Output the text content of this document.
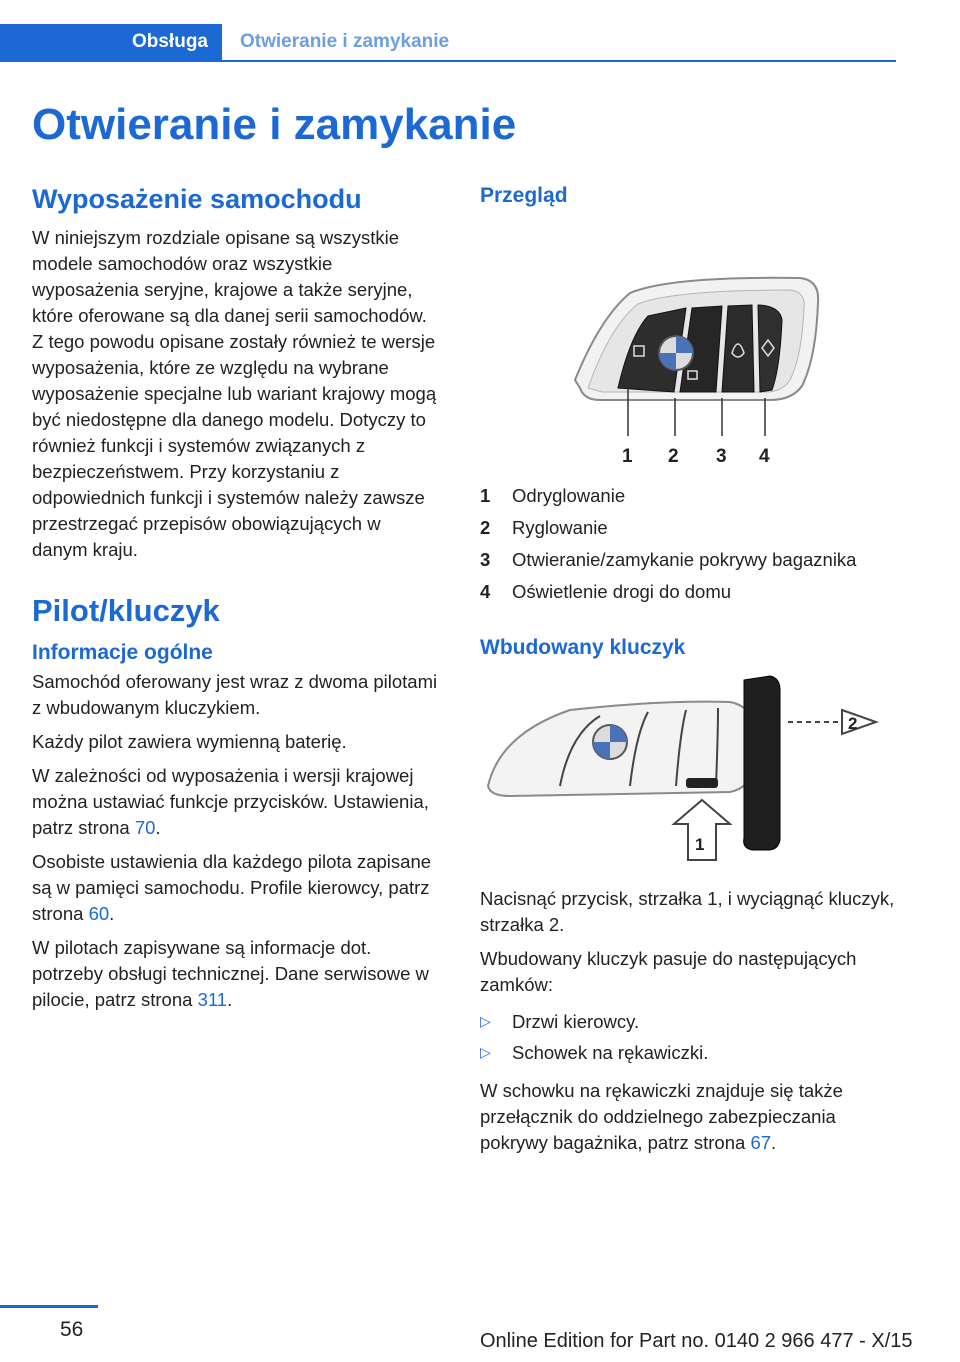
Obsługa	Otwieranie i zamykanie
Otwieranie i zamykanie
Wyposażenie samochodu

W niniejszym rozdziale opisane są wszystkie modele samochodów oraz wszystkie wyposażenia seryjne, krajowe a także seryjne, które oferowane są dla danej serii samochodów. Z tego powodu opisane zostały również te wersje wyposażenia, które ze względu na wybrane wyposażenie specjalne lub wariant krajowy mogą być niedostępne dla danego modelu. Dotyczy to również funkcji i systemów związanych z bezpieczeństwem. Przy korzystaniu z odpowiednich funkcji i systemów należy zawsze przestrzegać przepisów obowiązujących w danym kraju.

Pilot/kluczyk
Informacje ogólne

Samochód oferowany jest wraz z dwoma pilotami z wbudowanym kluczykiem.

Każdy pilot zawiera wymienną baterię.

W zależności od wyposażenia i wersji krajowej można ustawiać funkcje przycisków. Ustawienia, patrz strona 70.

Osobiste ustawienia dla każdego pilota zapisane są w pamięci samochodu. Profile kierowcy, patrz strona 60.

W pilotach zapisywane są informacje dot. potrzeby obsługi technicznej. Dane serwisowe w pilocie, patrz strona 311.

Przegląd
1 2 3 4
1	Odryglowanie
2	Ryglowanie
3	Otwieranie/zamykanie pokrywy bagaznika
4	Oświetlenie drogi do domu
Wbudowany kluczyk
2
1

Nacisnąć przycisk, strzałka 1, i wyciągnąć kluczyk, strzałka 2.

Wbudowany kluczyk pasuje do następujących zamków:

▷	Drzwi kierowcy.
▷	Schowek na rękawiczki.

W schowku na rękawiczki znajduje się także przełącznik do oddzielnego zabezpieczania pokrywy bagażnika, patrz strona 67.

56	Online Edition for Part no. 0140 2 966 477 - X/15
